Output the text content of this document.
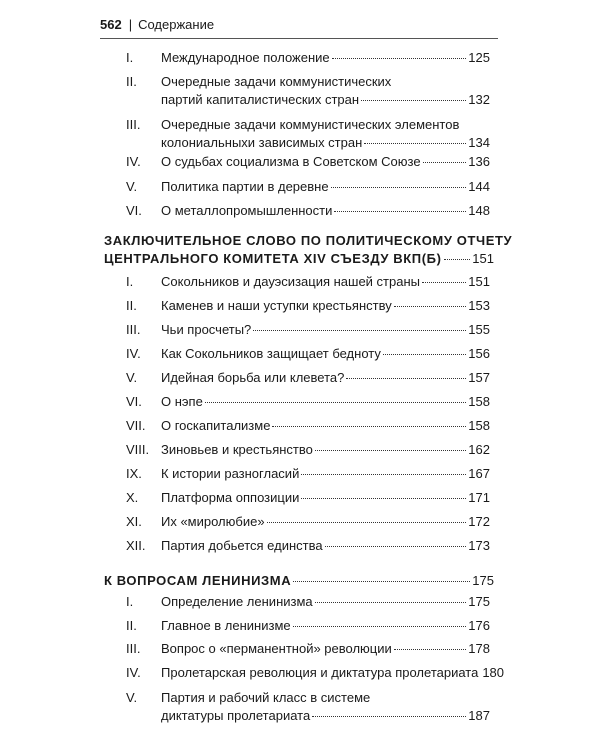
562 | Содержание
I. Международное положение	125
II. Очередные задачи коммунистических
партий капиталистических стран	132
III. Очередные задачи коммунистических элементов
колониальныхи зависимых стран	134
IV. О судьбах социализма в Советском Союзе	136
V. Политика партии в деревне	144
VI. О металлопромышленности	148
ЗАКЛЮЧИТЕЛЬНОЕ СЛОВО ПО ПОЛИТИЧЕСКОМУ ОТЧЕТУ
ЦЕНТРАЛЬНОГО КОМИТЕТА XIV СЪЕЗДУ ВКП(Б) 151
I. Сокольников и дауэсизация нашей страны	151
II. Каменев и наши уступки крестьянству	153
III. Чьи просчеты?	155
IV. Как Сокольников защищает бедноту	156
V. Идейная борьба или клевета?	157
VI. О нэпе	158
VII. О госкапитализме	158
VIII. Зиновьев и крестьянство	162
IX. К истории разногласий	167
X. Платформа оппозиции	171
XI. Их «миролюбие»	172
XII. Партия добьется единства	173
К ВОПРОСАМ ЛЕНИНИЗМА	175
I. Определение ленинизма	175
II. Главное в ленинизме	176
III. Вопрос о «перманентной» революции	178
IV. Пролетарская революция и диктатура пролетариата 180
V. Партия и рабочий класс в системе
диктатуры пролетариата	187
